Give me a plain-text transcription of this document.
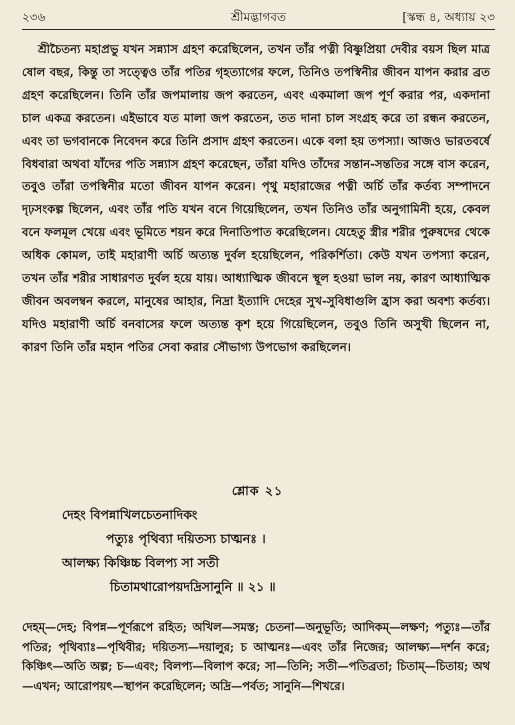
২৩৬	শ্রীমদ্ভাগবত	[স্কন্ধ ৪, অধ্যায় ২৩

শ্রীচৈতন্য মহাপ্রভু যখন সন্ন্যাস গ্রহণ করেছিলেন, তখন তাঁর পত্নী বিষ্ণুপ্রিয়া দেবীর বয়স ছিল মাত্র ষোল বছর, কিন্তু তা সত্ত্বেও তাঁর পতির গৃহত্যাগের ফলে, তিনিও তপস্বিনীর জীবন যাপন করার ব্রত গ্রহণ করেছিলেন। তিনি তাঁর জপমালায় জপ করতেন, এবং একমালা জপ পূর্ণ করার পর, একদানা চাল একত্র করতেন। এইভাবে যত মালা জপ করতেন, তত দানা চাল সংগ্রহ করে তা রন্ধন করতেন, এবং তা ভগবানকে নিবেদন করে তিনি প্রসাদ গ্রহণ করতেন। একে বলা হয় তপস্যা। আজও ভারতবর্ষে বিধবারা অথবা যাঁদের পতি সন্ন্যাস গ্রহণ করেছেন, তাঁরা যদিও তাঁদের সন্তান-সন্ততির সঙ্গে বাস করেন, তবুও তাঁরা তপস্বিনীর মতো জীবন যাপন করেন। পৃথু মহারাজের পত্নী অর্চি তাঁর কর্তব্য সম্পাদনে দৃঢ়সংকল্প ছিলেন, এবং তাঁর পতি যখন বনে গিয়েছিলেন, তখন তিনিও তাঁর অনুগামিনী হয়ে, কেবল বনে ফলমূল খেয়ে এবং ভূমিতে শয়ন করে দিনাতিপাত করেছিলেন। যেহেতু স্ত্রীর শরীর পুরুষদের থেকে অধিক কোমল, তাই মহারাণী অর্চি অত্যন্ত দুর্বল হয়েছিলেন, পরিকর্শিতা। কেউ যখন তপস্যা করেন, তখন তাঁর শরীর সাধারণত দুর্বল হয়ে যায়। আধ্যাত্মিক জীবনে স্থূল হওয়া ভাল নয়, কারণ আধ্যাত্মিক জীবন অবলম্বন করলে, মানুষের আহার, নিদ্রা ইত্যাদি দেহের সুখ-সুবিধাগুলি হ্রাস করা অবশ্য কর্তব্য। যদিও মহারাণী অর্চি বনবাসের ফলে অত্যন্ত কৃশ হয়ে গিয়েছিলেন, তবুও তিনি অসুখী ছিলেন না, কারণ তিনি তাঁর মহান পতির সেবা করার সৌভাগ্য উপভোগ করছিলেন।

শ্লোক ২১
দেহং বিপন্নাখিলচেতনাদিকং
পত্যুঃ পৃথিব্যা দয়িতস্য চাত্মনঃ ।
আলক্ষ্য কিঞ্চিচ্চ বিলপ্য সা সতী
চিতামথারোপয়দদ্রিসানুনি ॥ ২১ ॥

দেহম্—দেহ; বিপন্ন—পূর্ণরূপে রহিত; অখিল—সমস্ত; চেতনা—অনুভূতি; আদিকম্—লক্ষণ; পত্যুঃ—তাঁর পতির; পৃথিব্যাঃ—পৃথিবীর; দয়িতস্য—দয়ালুর; চ আত্মনঃ—এবং তাঁর নিজের; আলক্ষ্য—দর্শন করে; কিঞ্চিৎ—অতি অল্প; চ—এবং; বিলপ্য—বিলাপ করে; সা—তিনি; সতী—পতিব্রতা; চিতাম্—চিতায়; অথ—এখন; আরোপয়ৎ—স্থাপন করেছিলেন; অদ্রি—পর্বত; সানুনি—শিখরে।
